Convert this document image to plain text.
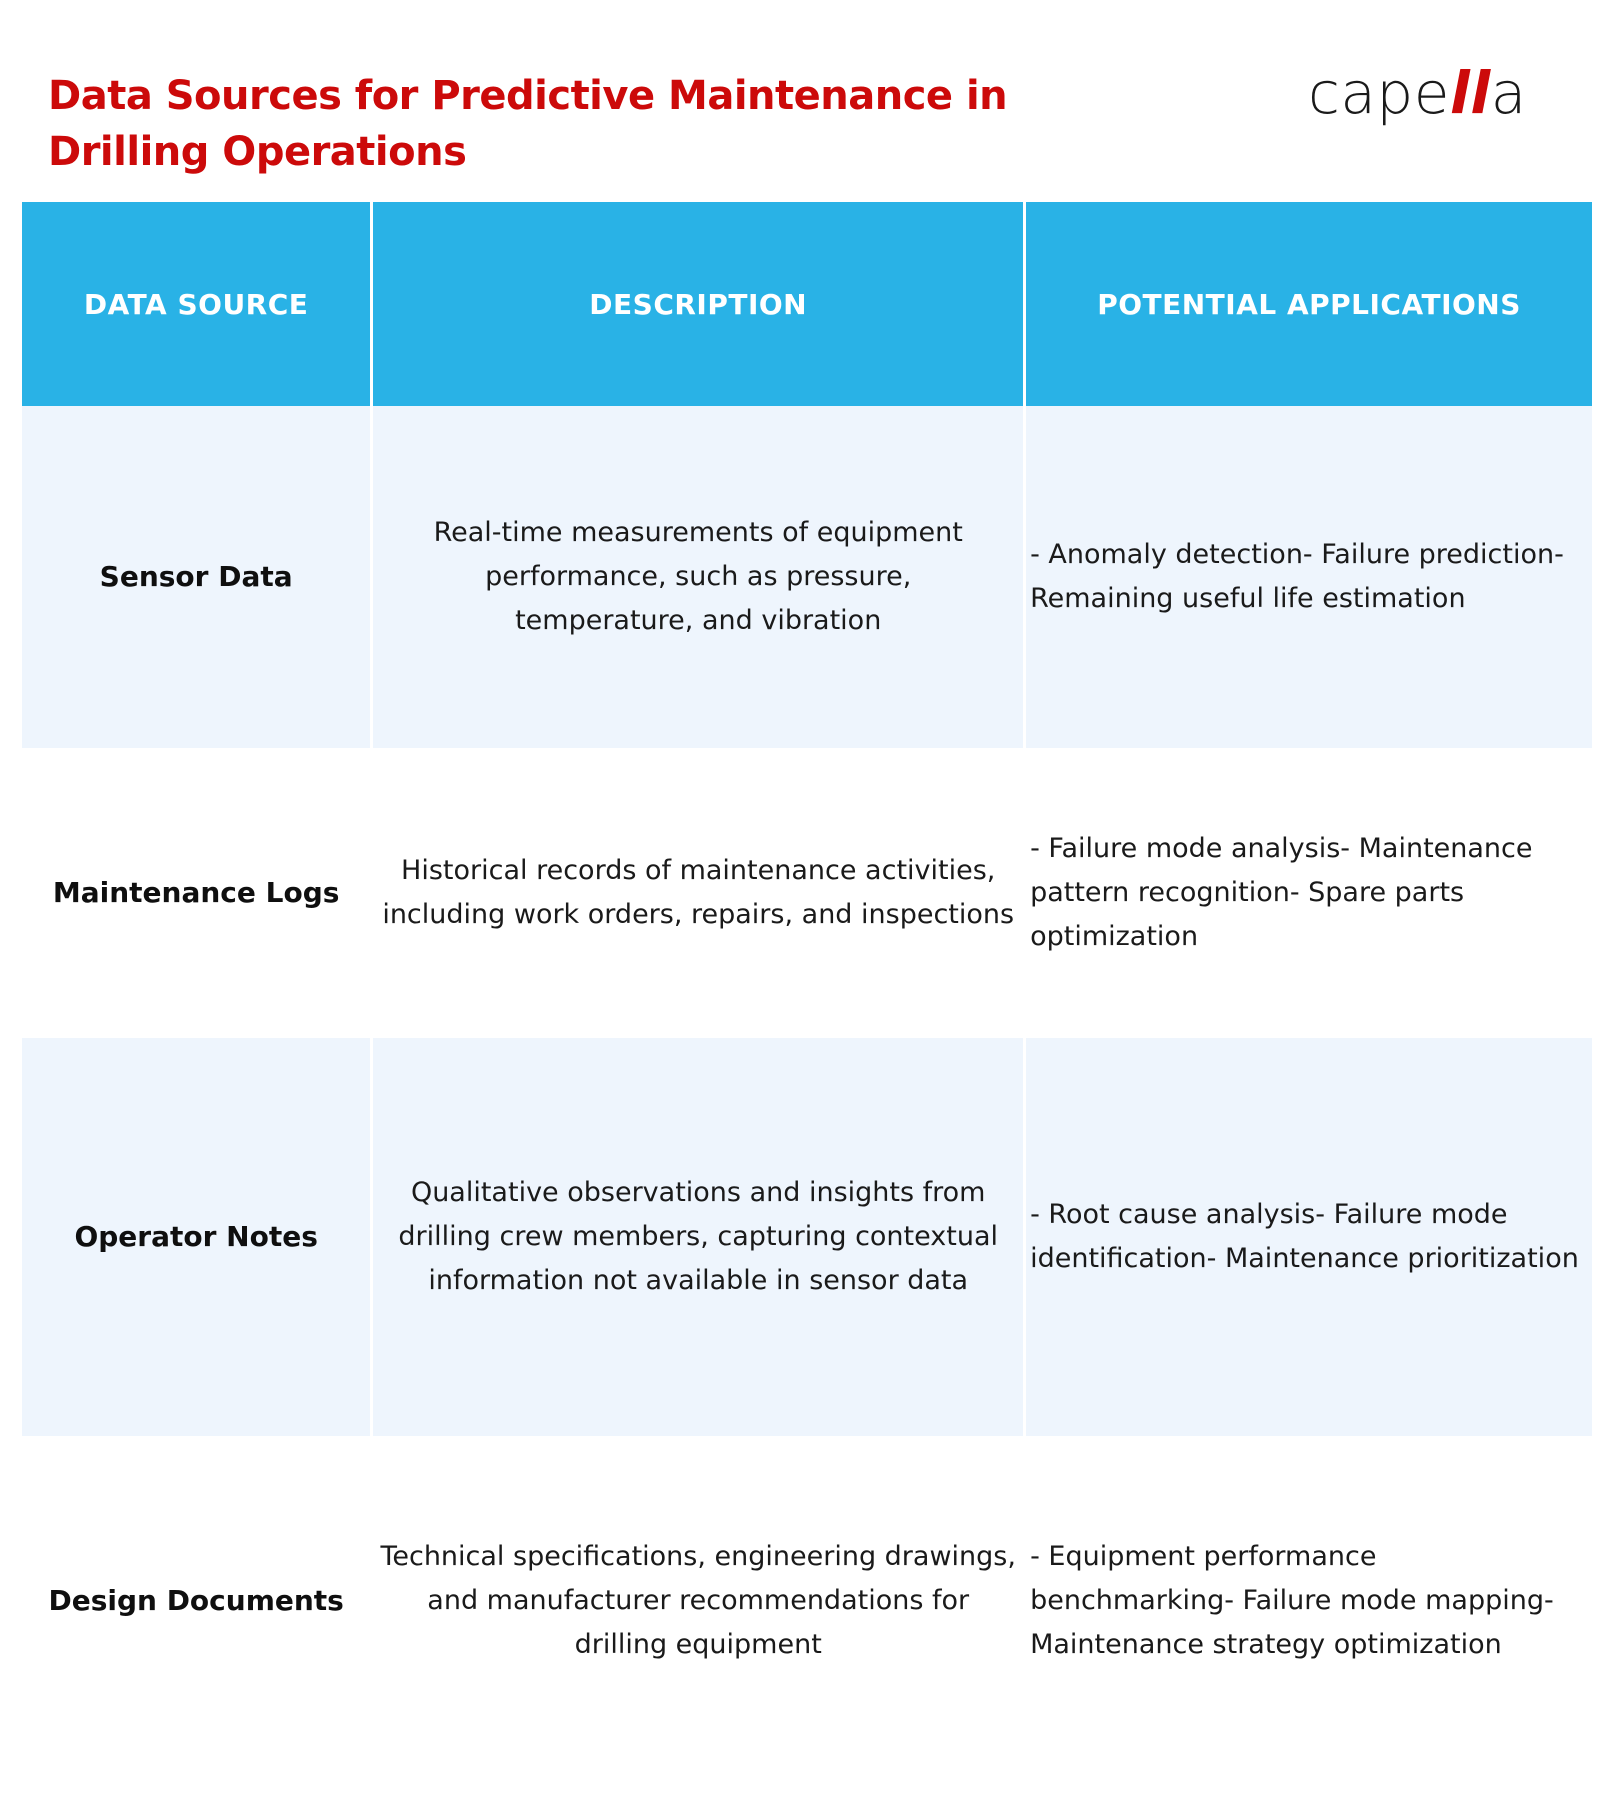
Data Sources for Predictive Maintenance in Drilling Operations
capella
DATA SOURCE	DESCRIPTION	POTENTIAL APPLICATIONS
Sensor Data
Real-time measurements of equipment performance, such as pressure, temperature, and vibration
- Anomaly detection- Failure prediction- Remaining useful life estimation
Maintenance Logs
Historical records of maintenance activities, including work orders, repairs, and inspections
- Failure mode analysis- Maintenance pattern recognition- Spare parts optimization
Operator Notes
Qualitative observations and insights from drilling crew members, capturing contextual information not available in sensor data
- Root cause analysis- Failure mode identification- Maintenance prioritization
Design Documents
Technical specifications, engineering drawings, and manufacturer recommendations for drilling equipment
- Equipment performance benchmarking- Failure mode mapping- Maintenance strategy optimization
